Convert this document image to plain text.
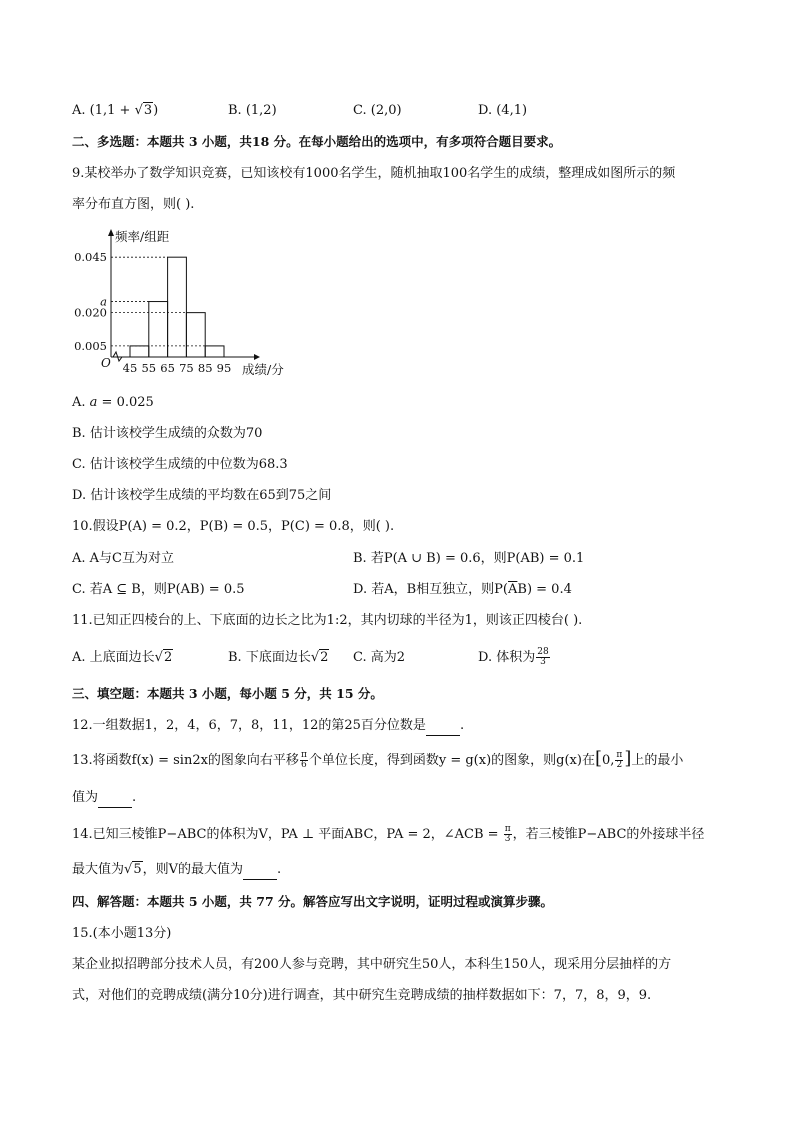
A. (1,1 + √3)	B. (1,2)	C. (2,0)	D. (4,1)
二、多选题：本题共 3 小题，共18 分。在每小题给出的选项中，有多项符合题目要求。
9.某校举办了数学知识竞赛，已知该校有1000名学生，随机抽取100名学生的成绩，整理成如图所示的频
率分布直方图，则( ).
0.005
0.020
a
0.045
45 55 65 75 85 95
O
频率/组距
成绩/分
A. a = 0.025
B. 估计该校学生成绩的众数为70
C. 估计该校学生成绩的中位数为68.3
D. 估计该校学生成绩的平均数在65到75之间
10.假设P(A) = 0.2，P(B) = 0.5，P(C) = 0.8，则( ).
A. A与C互为对立	B. 若P(A ∪ B) = 0.6，则P(AB) = 0.1
C. 若A ⊆ B，则P(AB) = 0.5	D. 若A，B相互独立，则$P(\overline{A}B) = 0.4$
11.已知正四棱台的上、下底面的边长之比为1:2，其内切球的半径为1，则该正四棱台( ).
A. 上底面边长√2	B. 下底面边长√2 C. 高为2	D. 体积为 $\frac{28}{3}$
三、填空题：本题共 3 小题，每小题 5 分，共 15 分。
12.一组数据1，2，4，6，7，8，11，12的第25百分位数是	.
13.将函数f(x) = sin2x的图象向右平移 $\frac{\pi}{6}$ 个单位长度，得到函数y = g(x)的图象，则g(x)在[0, $\frac{\pi}{2}$ ]上的最小
值为	.
14.已知三棱锥P−ABC的体积为V，PA ⊥ 平面ABC，PA = 2，∠ACB = $\frac{\pi}{3}$ ，若三棱锥P−ABC的外接球半径
最大值为√5，则V的最大值为	.
四、解答题：本题共 5 小题，共 77 分。解答应写出文字说明，证明过程或演算步骤。
15.(本小题13分)
某企业拟招聘部分技术人员，有200人参与竞聘，其中研究生50人，本科生150人，现采用分层抽样的方
式，对他们的竞聘成绩(满分10分)进行调查，其中研究生竞聘成绩的抽样数据如下：7，7，8，9，9.
